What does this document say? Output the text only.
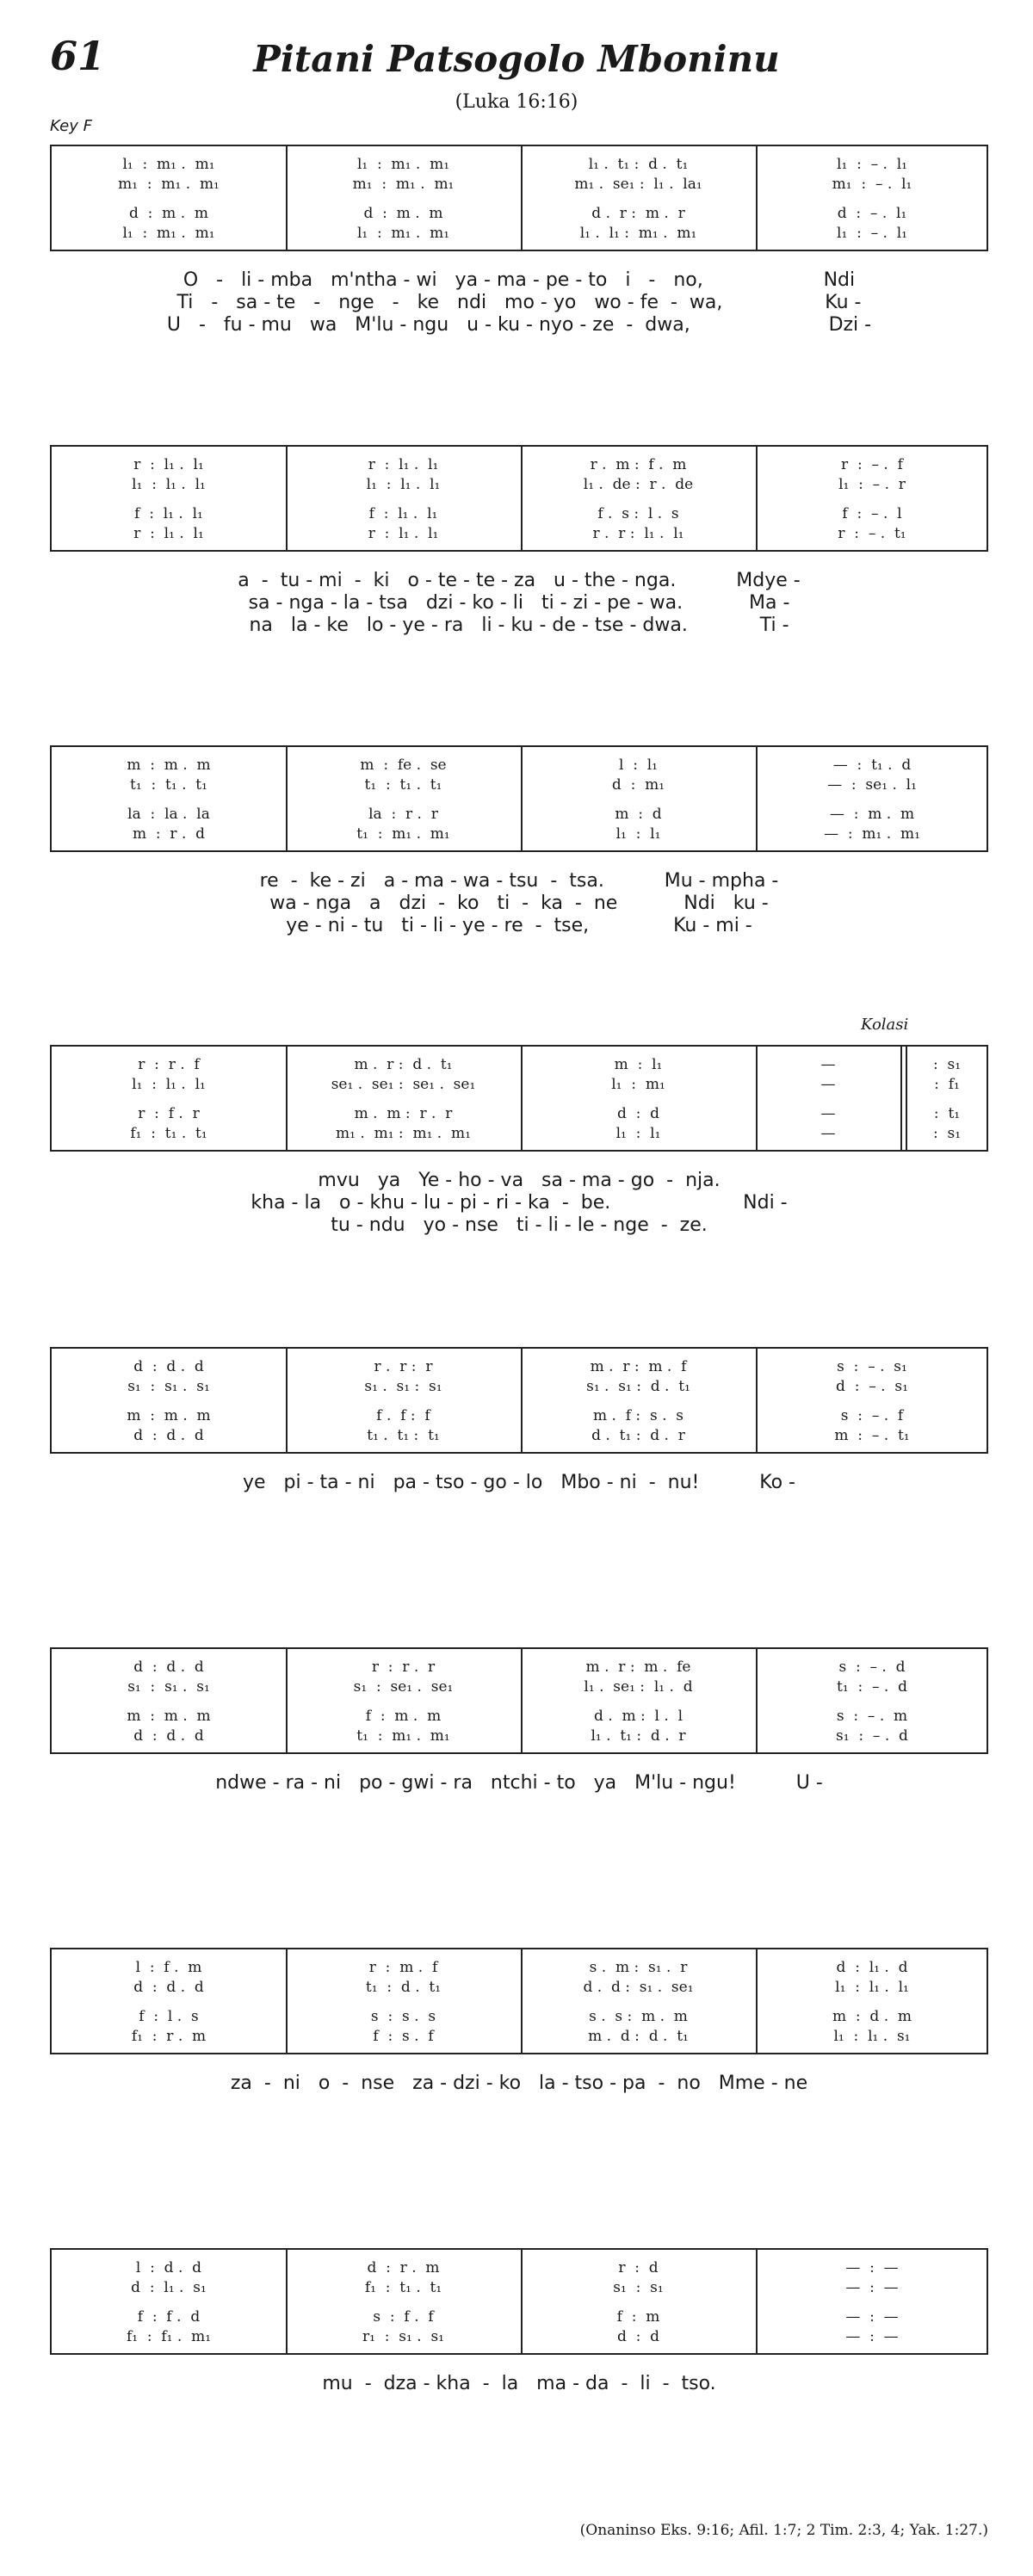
61	Pitani Patsogolo Mboninu
(Luka 16:16)
Key F
Kolasi
l₁  :  m₁ .  m₁
m₁  :  m₁ .  m₁
d  :  m .  m
l₁  :  m₁ .  m₁
l₁  :  m₁ .  m₁
m₁  :  m₁ .  m₁
d  :  m .  m
l₁  :  m₁ .  m₁
l₁ .  t₁ :  d .  t₁
m₁ .  se₁ :  l₁ .  la₁
d .  r :  m .  r
l₁ .  l₁ :  m₁ .  m₁
l₁  :  – .  l₁
m₁  :  – .  l₁
d  :  – .  l₁
l₁  :  – .  l₁
O   -   li - mba   m'ntha - wi   ya - ma - pe - to   i   -   no,                    Ndi
Ti   -   sa - te   -   nge   -   ke   ndi   mo - yo   wo - fe  -  wa,                 Ku -
U   -   fu - mu   wa   M'lu - ngu   u - ku - nyo - ze  -  dwa,                       Dzi -
r  :  l₁ .  l₁
l₁  :  l₁ .  l₁
f  :  l₁ .  l₁
r  :  l₁ .  l₁
r  :  l₁ .  l₁
l₁  :  l₁ .  l₁
f  :  l₁ .  l₁
r  :  l₁ .  l₁
r .  m :  f .  m
l₁ .  de :  r .  de
f .  s :  l .  s
r .  r :  l₁ .  l₁
r  :  – .  f
l₁  :  – .  r
f  :  – .  l
r  :  – .  t₁
a  -  tu - mi  -  ki   o - te - te - za   u - the - nga.          Mdye -
sa - nga - la - tsa   dzi - ko - li   ti - zi - pe - wa.           Ma -
na   la - ke   lo - ye - ra   li - ku - de - tse - dwa.            Ti -
m  :  m .  m
t₁  :  t₁ .  t₁
la  :  la .  la
m  :  r .  d
m  :  fe .  se
t₁  :  t₁ .  t₁
la  :  r .  r
t₁  :  m₁ .  m₁
l  :  l₁
d  :  m₁
m  :  d
l₁  :  l₁
—  :  t₁ .  d
—  :  se₁ .  l₁
—  :  m .  m
—  :  m₁ .  m₁
re  -  ke - zi   a - ma - wa - tsu  -  tsa.          Mu - mpha -
wa - nga   a   dzi  -  ko   ti  -  ka  -  ne           Ndi   ku -
ye - ni - tu   ti - li - ye - re  -  tse,              Ku - mi -
r  :  r .  f
l₁  :  l₁ .  l₁
r  :  f .  r
f₁  :  t₁ .  t₁
m .  r :  d .  t₁
se₁ .  se₁ :  se₁ .  se₁
m .  m :  r .  r
m₁ .  m₁ :  m₁ .  m₁
m  :  l₁
l₁  :  m₁
d  :  d
l₁  :  l₁
—
—
—
—
:  s₁
:  f₁
:  t₁
:  s₁
mvu   ya   Ye - ho - va   sa - ma - go  -  nja.
kha - la   o - khu - lu - pi - ri - ka  -  be.                      Ndi -
tu - ndu   yo - nse   ti - li - le - nge  -  ze.
d  :  d .  d
s₁  :  s₁ .  s₁
m  :  m .  m
d  :  d .  d
r .  r :  r
s₁ .  s₁ :  s₁
f .  f :  f
t₁ .  t₁ :  t₁
m .  r :  m .  f
s₁ .  s₁ :  d .  t₁
m .  f :  s .  s
d .  t₁ :  d .  r
s  :  – .  s₁
d  :  – .  s₁
s  :  – .  f
m  :  – .  t₁
ye   pi - ta - ni   pa - tso - go - lo   Mbo - ni  -  nu!          Ko -
d  :  d .  d
s₁  :  s₁ .  s₁
m  :  m .  m
d  :  d .  d
r  :  r .  r
s₁  :  se₁ .  se₁
f  :  m .  m
t₁  :  m₁ .  m₁
m .  r :  m .  fe
l₁ .  se₁ :  l₁ .  d
d .  m :  l .  l
l₁ .  t₁ :  d .  r
s  :  – .  d
t₁  :  – .  d
s  :  – .  m
s₁  :  – .  d
ndwe - ra - ni   po - gwi - ra   ntchi - to   ya   M'lu - ngu!          U -
l  :  f .  m
d  :  d .  d
f  :  l .  s
f₁  :  r .  m
r  :  m .  f
t₁  :  d .  t₁
s  :  s .  s
f  :  s .  f
s .  m :  s₁ .  r
d .  d :  s₁ .  se₁
s .  s :  m .  m
m .  d :  d .  t₁
d  :  l₁ .  d
l₁  :  l₁ .  l₁
m  :  d .  m
l₁  :  l₁ .  s₁
za  -  ni   o  -  nse   za - dzi - ko   la - tso - pa  -  no   Mme - ne
l  :  d .  d
d  :  l₁ .  s₁
f  :  f .  d
f₁  :  f₁ .  m₁
d  :  r .  m
f₁  :  t₁ .  t₁
s  :  f .  f
r₁  :  s₁ .  s₁
r  :  d
s₁  :  s₁
f  :  m
d  :  d
—  :  —
—  :  —
—  :  —
—  :  —
mu  -  dza - kha  -  la   ma - da  -  li  -  tso.
(Onaninso Eks. 9:16; Afil. 1:7; 2 Tim. 2:3, 4; Yak. 1:27.)
